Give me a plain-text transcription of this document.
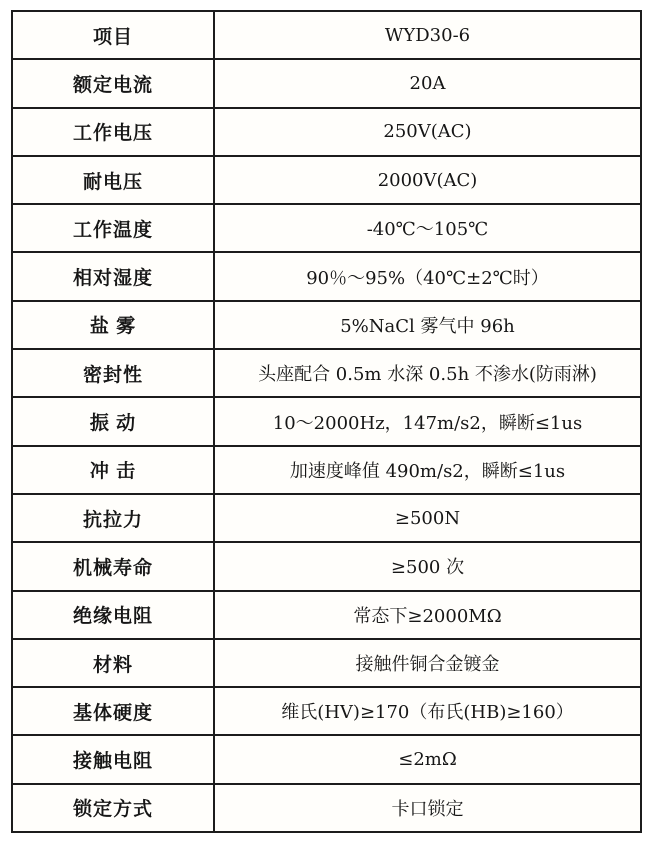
项目	WYD30-6
额定电流	20A
工作电压	250V(AC)
耐电压	2000V(AC)
工作温度	-40℃～105℃
相对湿度	90％～95%（40℃±2℃时）
盐 雾	5%NaCl 雾气中 96h
密封性	头座配合 0.5m 水深 0.5h 不渗水(防雨淋)
振 动	10～2000Hz，147m/s2，瞬断≤1us
冲 击	加速度峰值 490m/s2，瞬断≤1us
抗拉力	≥500N
机械寿命	≥500 次
绝缘电阻	常态下≥2000MΩ
材料	接触件铜合金镀金
基体硬度	维氏(HV)≥170（布氏(HB)≥160）
接触电阻	≤2mΩ
锁定方式	卡口锁定
